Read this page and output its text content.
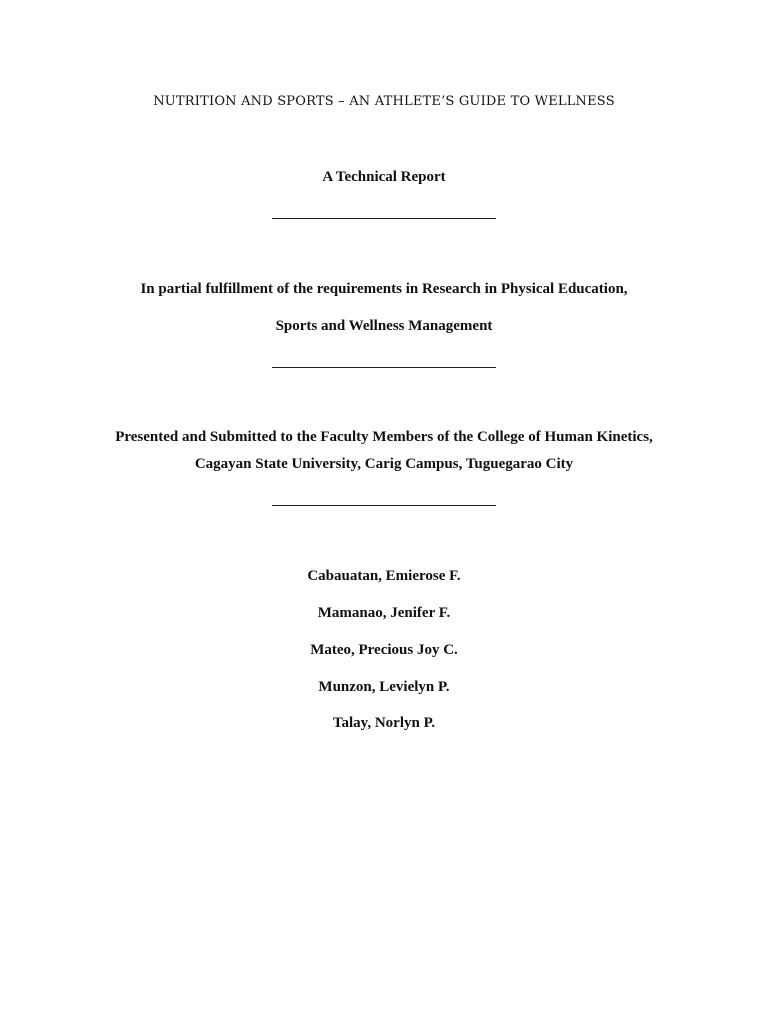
NUTRITION AND SPORTS – AN ATHLETE’S GUIDE TO WELLNESS
A Technical Report
In partial fulfillment of the requirements in Research in Physical Education,
Sports and Wellness Management
Presented and Submitted to the Faculty Members of the College of Human Kinetics,
Cagayan State University, Carig Campus, Tuguegarao City
Cabauatan, Emierose F.
Mamanao, Jenifer F.
Mateo, Precious Joy C.
Munzon, Levielyn P.
Talay, Norlyn P.
